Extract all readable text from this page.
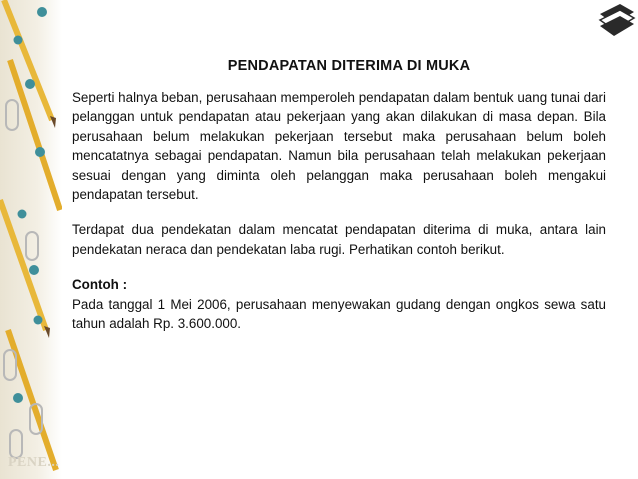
PENDAPATAN DITERIMA DI MUKA

Seperti halnya beban, perusahaan memperoleh pendapatan dalam bentuk uang tunai dari pelanggan untuk pendapatan atau pekerjaan yang akan dilakukan di masa depan. Bila perusahaan belum melakukan pekerjaan tersebut maka perusahaan belum boleh mencatatnya sebagai pendapatan. Namun bila perusahaan telah melakukan pekerjaan sesuai dengan yang diminta oleh pelanggan maka perusahaan boleh mengakui pendapatan tersebut.

Terdapat dua pendekatan dalam mencatat pendapatan diterima di muka, antara lain pendekatan neraca dan pendekatan laba rugi. Perhatikan contoh berikut.

Contoh :

Pada tanggal 1 Mei 2006, perusahaan menyewakan gudang dengan ongkos sewa satu tahun adalah Rp. 3.600.000.

PENE...
